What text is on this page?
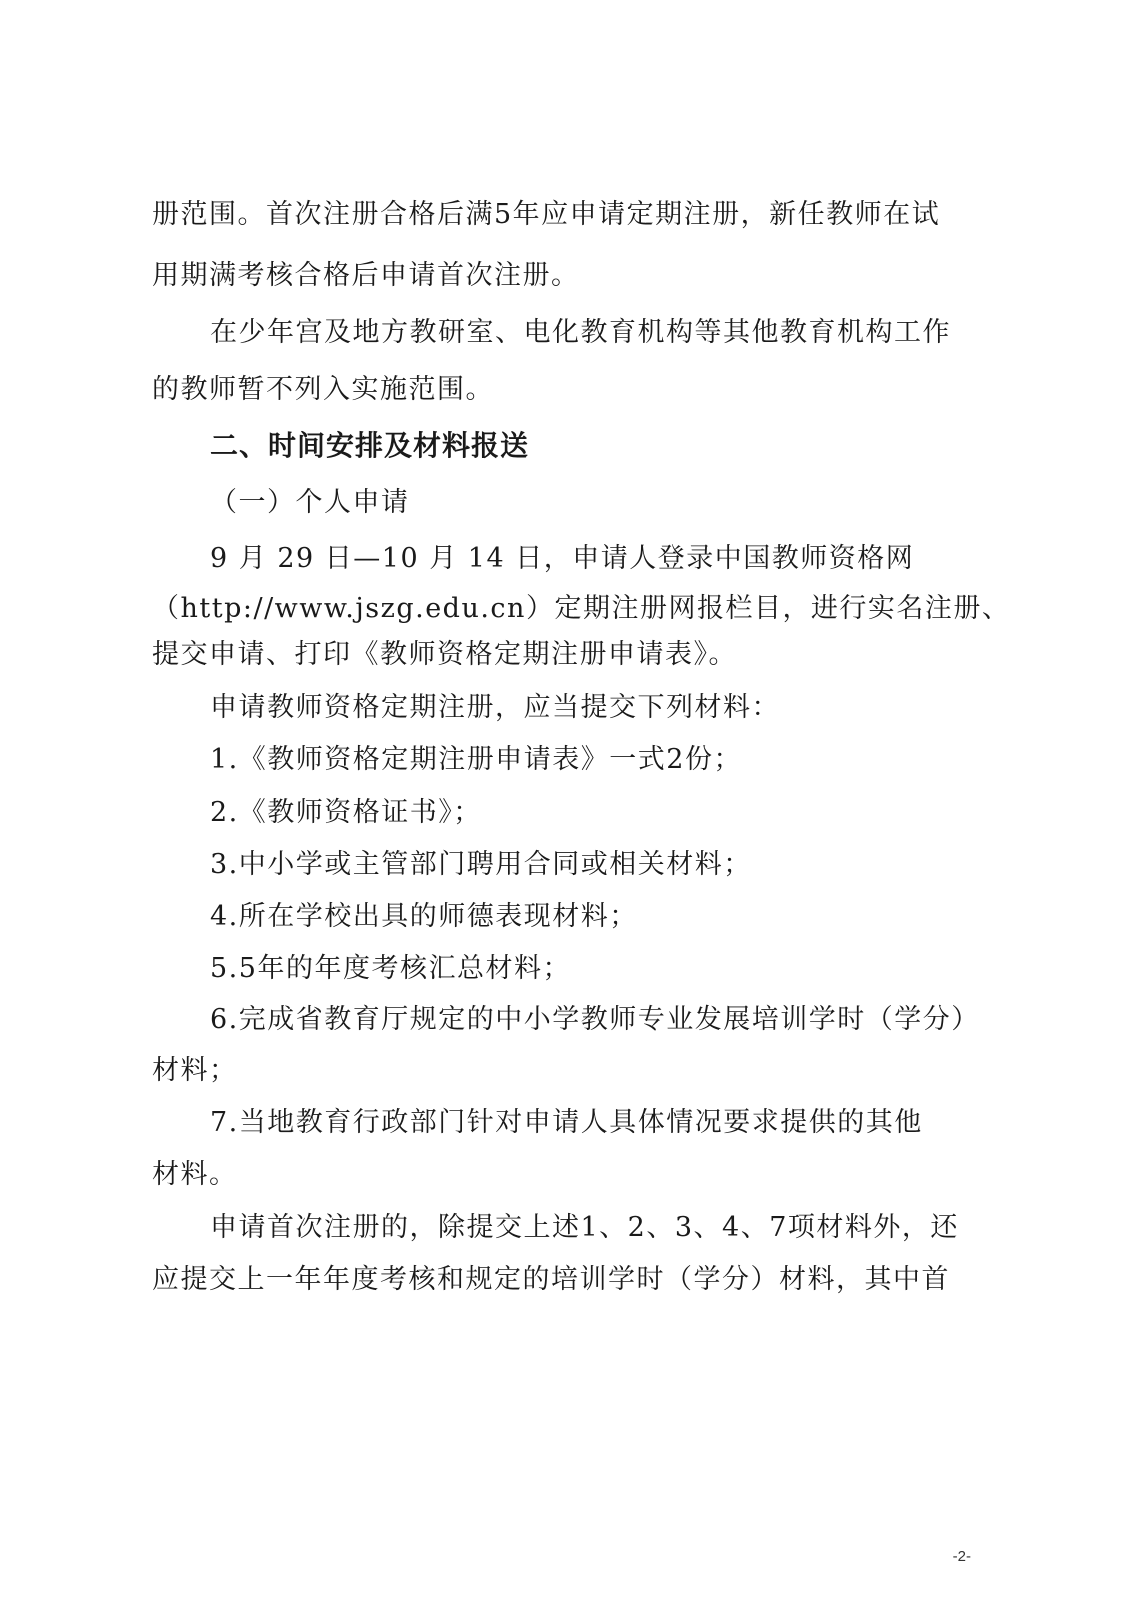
册范围。首次注册合格后满5年应申请定期注册，新任教师在试
用期满考核合格后申请首次注册。
在少年宫及地方教研室、电化教育机构等其他教育机构工作
的教师暂不列入实施范围。
二、时间安排及材料报送
（一）个人申请
9 月 29 日—10 月 14 日，申请人登录中国教师资格网
（http://www.jszg.edu.cn）定期注册网报栏目，进行实名注册、
提交申请、打印《教师资格定期注册申请表》。
申请教师资格定期注册，应当提交下列材料：
1.《教师资格定期注册申请表》一式2份；
2.《教师资格证书》；
3.中小学或主管部门聘用合同或相关材料；
4.所在学校出具的师德表现材料；
5.5年的年度考核汇总材料；
6.完成省教育厅规定的中小学教师专业发展培训学时（学分）
材料；
7.当地教育行政部门针对申请人具体情况要求提供的其他
材料。
申请首次注册的，除提交上述1、2、3、4、7项材料外，还
应提交上一年年度考核和规定的培训学时（学分）材料，其中首
-2-
